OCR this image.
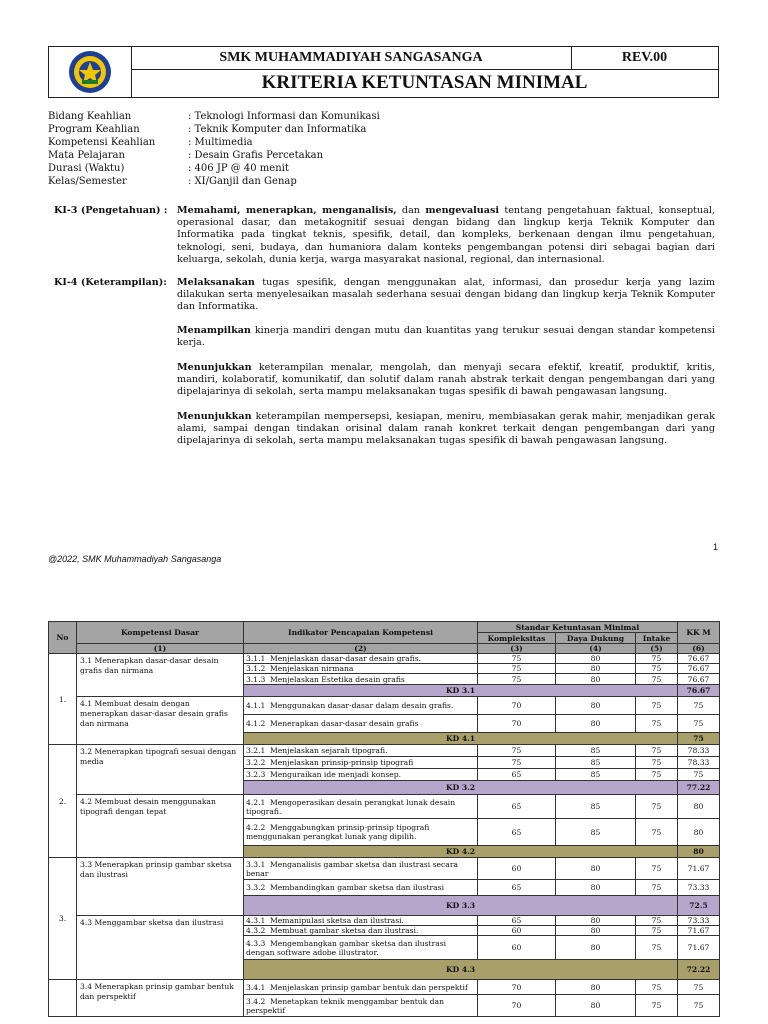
SMK MUHAMMADIYAH SANGASANGA	REV.00
KRITERIA KETUNTASAN MINIMAL
Bidang Keahlian	: Teknologi Informasi dan Komunikasi
Program Keahlian	: Teknik Komputer dan Informatika
Kompetensi Keahlian	: Multimedia
Mata Pelajaran	: Desain Grafis Percetakan
Durasi (Waktu)	: 406 JP @ 40 menit
Kelas/Semester	: XI/Ganjil dan Genap
KI-3 (Pengetahuan) : Memahami, menerapkan, menganalisis, dan mengevaluasi tentang pengetahuan faktual, konseptual, operasional dasar, dan metakognitif sesuai dengan bidang dan lingkup kerja Teknik Komputer dan Informatika pada tingkat teknis, spesifik, detail, dan kompleks, berkenaan dengan ilmu pengetahuan, teknologi, seni, budaya, dan humaniora dalam konteks pengembangan potensi diri sebagai bagian dari keluarga, sekolah, dunia kerja, warga masyarakat nasional, regional, dan internasional.
KI-4 (Keterampilan): Melaksanakan tugas spesifik, dengan menggunakan alat, informasi, dan prosedur kerja yang lazim dilakukan serta menyelesaikan masalah sederhana sesuai dengan bidang dan lingkup kerja Teknik Komputer dan Informatika.
Menampilkan kinerja mandiri dengan mutu dan kuantitas yang terukur sesuai dengan standar kompetensi kerja.
Menunjukkan keterampilan menalar, mengolah, dan menyaji secara efektif, kreatif, produktif, kritis, mandiri, kolaboratif, komunikatif, dan solutif dalam ranah abstrak terkait dengan pengembangan dari yang dipelajarinya di sekolah, serta mampu melaksanakan tugas spesifik di bawah pengawasan langsung.
Menunjukkan keterampilan mempersepsi, kesiapan, meniru, membiasakan gerak mahir, menjadikan gerak alami, sampai dengan tindakan orisinal dalam ranah konkret terkait dengan pengembangan dari yang dipelajarinya di sekolah, serta mampu melaksanakan tugas spesifik di bawah pengawasan langsung.
1
@2022, SMK Muhammadiyah Sangasanga
No	Kompetensi Dasar	Indikator Pencapaian Kompetensi	Standar Ketuntasan Minimal			KK M
			Kompleksitas	Daya Dukung	Intake	
	(1)	(2)	(3)	(4)	(5)	(6)
1.	3.1 Menerapkan dasar-dasar desain grafis dan nirmana	3.1.1 Menjelaskan dasar-dasar desain grafis.	75	80	75	76.67
		3.1.2 Menjelaskan nirmana	75	80	75	76.67
		3.1.3 Menjelaskan Estetika desain grafis	75	80	75	76.67
		KD 3.1				76.67
	4.1 Membuat desain dengan menerapkan dasar-dasar desain grafis dan nirmana	4.1.1 Menggunakan dasar-dasar dalam desain grafis.	70	80	75	75
		4.1.2 Menerapkan dasar-dasar desain grafis	70	80	75	75
		KD 4.1				75
2.	3.2 Menerapkan tipografi sesuai dengan media	3.2.1 Menjelaskan sejarah tipografi.	75	85	75	78.33
		3.2.2 Menjelaskan prinsip-prinsip tipografi	75	85	75	78.33
		3.2.3 Menguraikan ide menjadi konsep.	65	85	75	75
		KD 3.2				77.22
	4.2 Membuat desain menggunakan tipografi dengan tepat	4.2.1 Mengoperasikan desain perangkat lunak desain tipografi.	65	85	75	80
		4.2.2 Menggabungkan prinsip-prinsip tipografi menggunakan perangkat lunak yang dipilih.	65	85	75	80
		KD 4.2				80
3.	3.3 Menerapkan prinsip gambar sketsa dan ilustrasi	3.3.1 Menganalisis gambar sketsa dan ilustrasi secara benar	60	80	75	71.67
		3.3.2 Membandingkan gambar sketsa dan ilustrasi	65	80	75	73.33
		KD 3.3				72.5
	4.3 Menggambar sketsa dan ilustrasi	4.3.1 Memanipulasi sketsa dan ilustrasi.	65	80	75	73.33
		4.3.2 Membuat gambar sketsa dan ilustrasi.	60	80	75	71.67
		4.3.3 Mengembangkan gambar sketsa dan ilustrasi dengan software adobe illustrator.	60	80	75	71.67
		KD 4.3				72.22
	3.4 Menerapkan prinsip gambar bentuk dan perspektif	3.4.1 Menjelaskan prinsip gambar bentuk dan perspektif	70	80	75	75
		3.4.2 Menetapkan teknik menggambar bentuk dan perspektif	70	80	75	75
